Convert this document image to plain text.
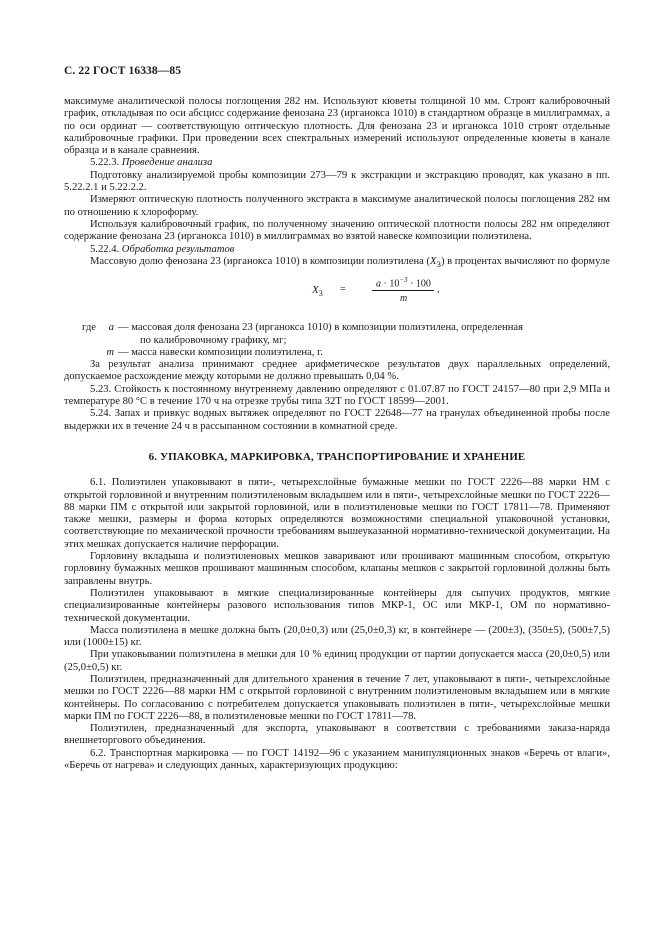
С. 22 ГОСТ 16338—85

максимуме аналитической полосы поглощения 282 нм. Используют кюветы толщиной 10 мм. Строят калибровочный график, откладывая по оси абсцисс содержание фенозана 23 (ирганокса 1010) в стандартном образце в миллиграммах, а по оси ординат — соответствующую оптическую плотность. Для фенозана 23 и ирганокса 1010 строят отдельные калибровочные графики. При проведении всех спектральных измерений используют определенные кюветы в канале образца и в канале сравнения.

5.22.3. Проведение анализа

Подготовку анализируемой пробы композиции 273—79 к экстракции и экстракцию проводят, как указано в пп. 5.22.2.1 и 5.22.2.2.

Измеряют оптическую плотность полученного экстракта в максимуме аналитической полосы поглощения 282 нм по отношению к хлороформу.

Используя калибровочный график, по полученному значению оптической плотности полосы 282 нм определяют содержание фенозана 23 (ирганокса 1010) в миллиграммах во взятой навеске композиции полиэтилена.

5.22.4. Обработка результатов

Массовую долю фенозана 23 (ирганокса 1010) в композиции полиэтилена $(X_3)$ в процентах вычисляют по формуле

$X_3$ =
$a \cdot 10^{-3} \cdot 100$
m
,
где	a — массовая доля фенозана 23 (ирганокса 1010) в композиции полиэтилена, определенная
по калибровочному графику, мг;
m — масса навески композиции полиэтилена, г.

За результат анализа принимают среднее арифметическое результатов двух параллельных определений, допускаемое расхождение между которыми не должно превышать 0,04 %.

5.23. Стойкость к постоянному внутреннему давлению определяют с 01.07.87 по ГОСТ 24157—80 при 2,9 МПа и температуре 80 °С в течение 170 ч на отрезке трубы типа 32Т по ГОСТ 18599—2001.

5.24. Запах и привкус водных вытяжек определяют по ГОСТ 22648—77 на гранулах объединенной пробы после выдержки их в течение 24 ч в рассыпанном состоянии в комнатной среде.

6. УПАКОВКА, МАРКИРОВКА, ТРАНСПОРТИРОВАНИЕ И ХРАНЕНИЕ

6.1. Полиэтилен упаковывают в пяти-, четырехслойные бумажные мешки по ГОСТ 2226—88 марки НМ с открытой горловиной и внутренним полиэтиленовым вкладышем или в пяти-, четырехслойные мешки по ГОСТ 2226—88 марки ПМ с открытой или закрытой горловиной, или в полиэтиленовые мешки по ГОСТ 17811—78. Применяют также мешки, размеры и форма которых определяются возможностями специальной упаковочной установки, соответствующие по механической прочности требованиям вышеуказанной нормативно-технической документации. На этих мешках допускается наличие перфорации.

Горловину вкладыша и полиэтиленовых мешков заваривают или прошивают машинным способом, открытую горловину бумажных мешков прошивают машинным способом, клапаны мешков с закрытой горловиной должны быть заправлены внутрь.

Полиэтилен упаковывают в мягкие специализированные контейнеры для сыпучих продуктов, мягкие специализированные контейнеры разового использования типов МКР-1, ОС или МКР-1, ОМ по нормативно-технической документации.

Масса полиэтилена в мешке должна быть (20,0±0,3) или (25,0±0,3) кг, в контейнере — (200±3), (350±5), (500±7,5) или (1000±15) кг.

При упаковывании полиэтилена в мешки для 10 % единиц продукции от партии допускается масса (20,0±0,5) или (25,0±0,5) кг.

Полиэтилен, предназначенный для длительного хранения в течение 7 лет, упаковывают в пяти-, четырехслойные мешки по ГОСТ 2226—88 марки НМ с открытой горловиной с внутренним полиэтиленовым вкладышем или в мягкие контейнеры. По согласованию с потребителем допускается упаковывать полиэтилен в пяти-, четырехслойные мешки марки ПМ по ГОСТ 2226—88, в полиэтиленовые мешки по ГОСТ 17811—78.

Полиэтилен, предназначенный для экспорта, упаковывают в соответствии с требованиями заказа-наряда внешнеторгового объединения.

6.2. Транспортная маркировка — по ГОСТ 14192—96 с указанием манипуляционных знаков «Беречь от влаги», «Беречь от нагрева» и следующих данных, характеризующих продукцию:
